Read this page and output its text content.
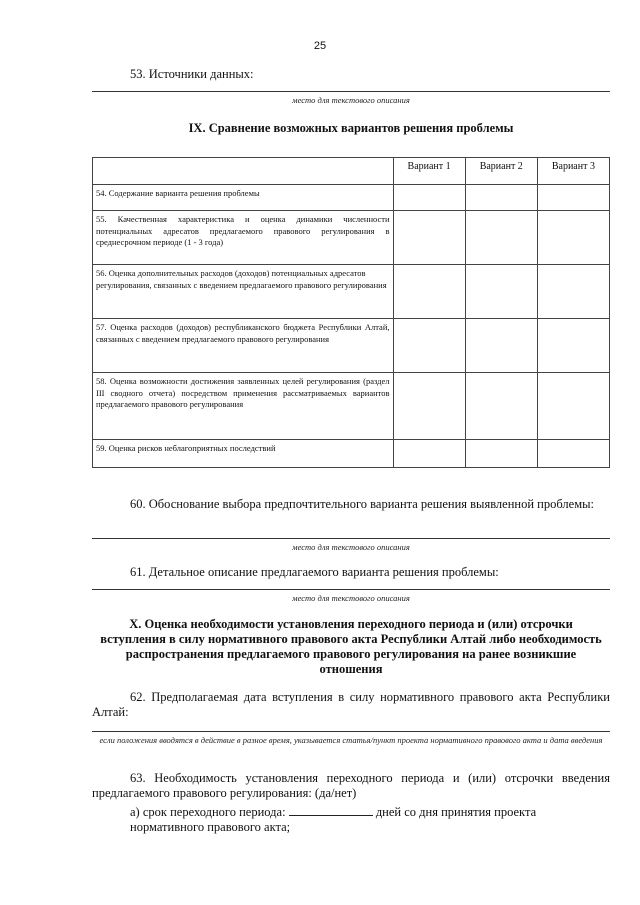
25
53. Источники данных:
место для текстового описания
IX. Сравнение возможных вариантов решения проблемы
	Вариант 1	Вариант 2	Вариант 3
54. Содержание варианта решения проблемы			
55. Качественная характеристика и оценка динамики численности потенциальных адресатов предлагаемого правового регулирования в среднесрочном периоде (1 - 3 года)			
56. Оценка дополнительных расходов (доходов) потенциальных адресатов регулирования, связанных с введением предлагаемого правового регулирования			
57. Оценка расходов (доходов) республиканского бюджета Республики Алтай, связанных с введением предлагаемого правового регулирования			
58. Оценка возможности достижения заявленных целей регулирования (раздел III сводного отчета) посредством применения рассматриваемых вариантов предлагаемого правового регулирования			
59. Оценка рисков неблагоприятных последствий			
60. Обоснование выбора предпочтительного варианта решения выявленной проблемы:
место для текстового описания
61. Детальное описание предлагаемого варианта решения проблемы:
место для текстового описания
X. Оценка необходимости установления переходного периода и (или) отсрочки вступления в силу нормативного правового акта Республики Алтай либо необходимость распространения предлагаемого правового регулирования на ранее возникшие отношения
62. Предполагаемая дата вступления в силу нормативного правового акта Республики Алтай:
если положения вводятся в действие в разное время, указывается статья/пункт проекта нормативного правового акта и дата введения
63. Необходимость установления переходного периода и (или) отсрочки введения предлагаемого правового регулирования: (да/нет)
а) срок переходного периода:	дней со дня принятия проекта нормативного правового акта;
